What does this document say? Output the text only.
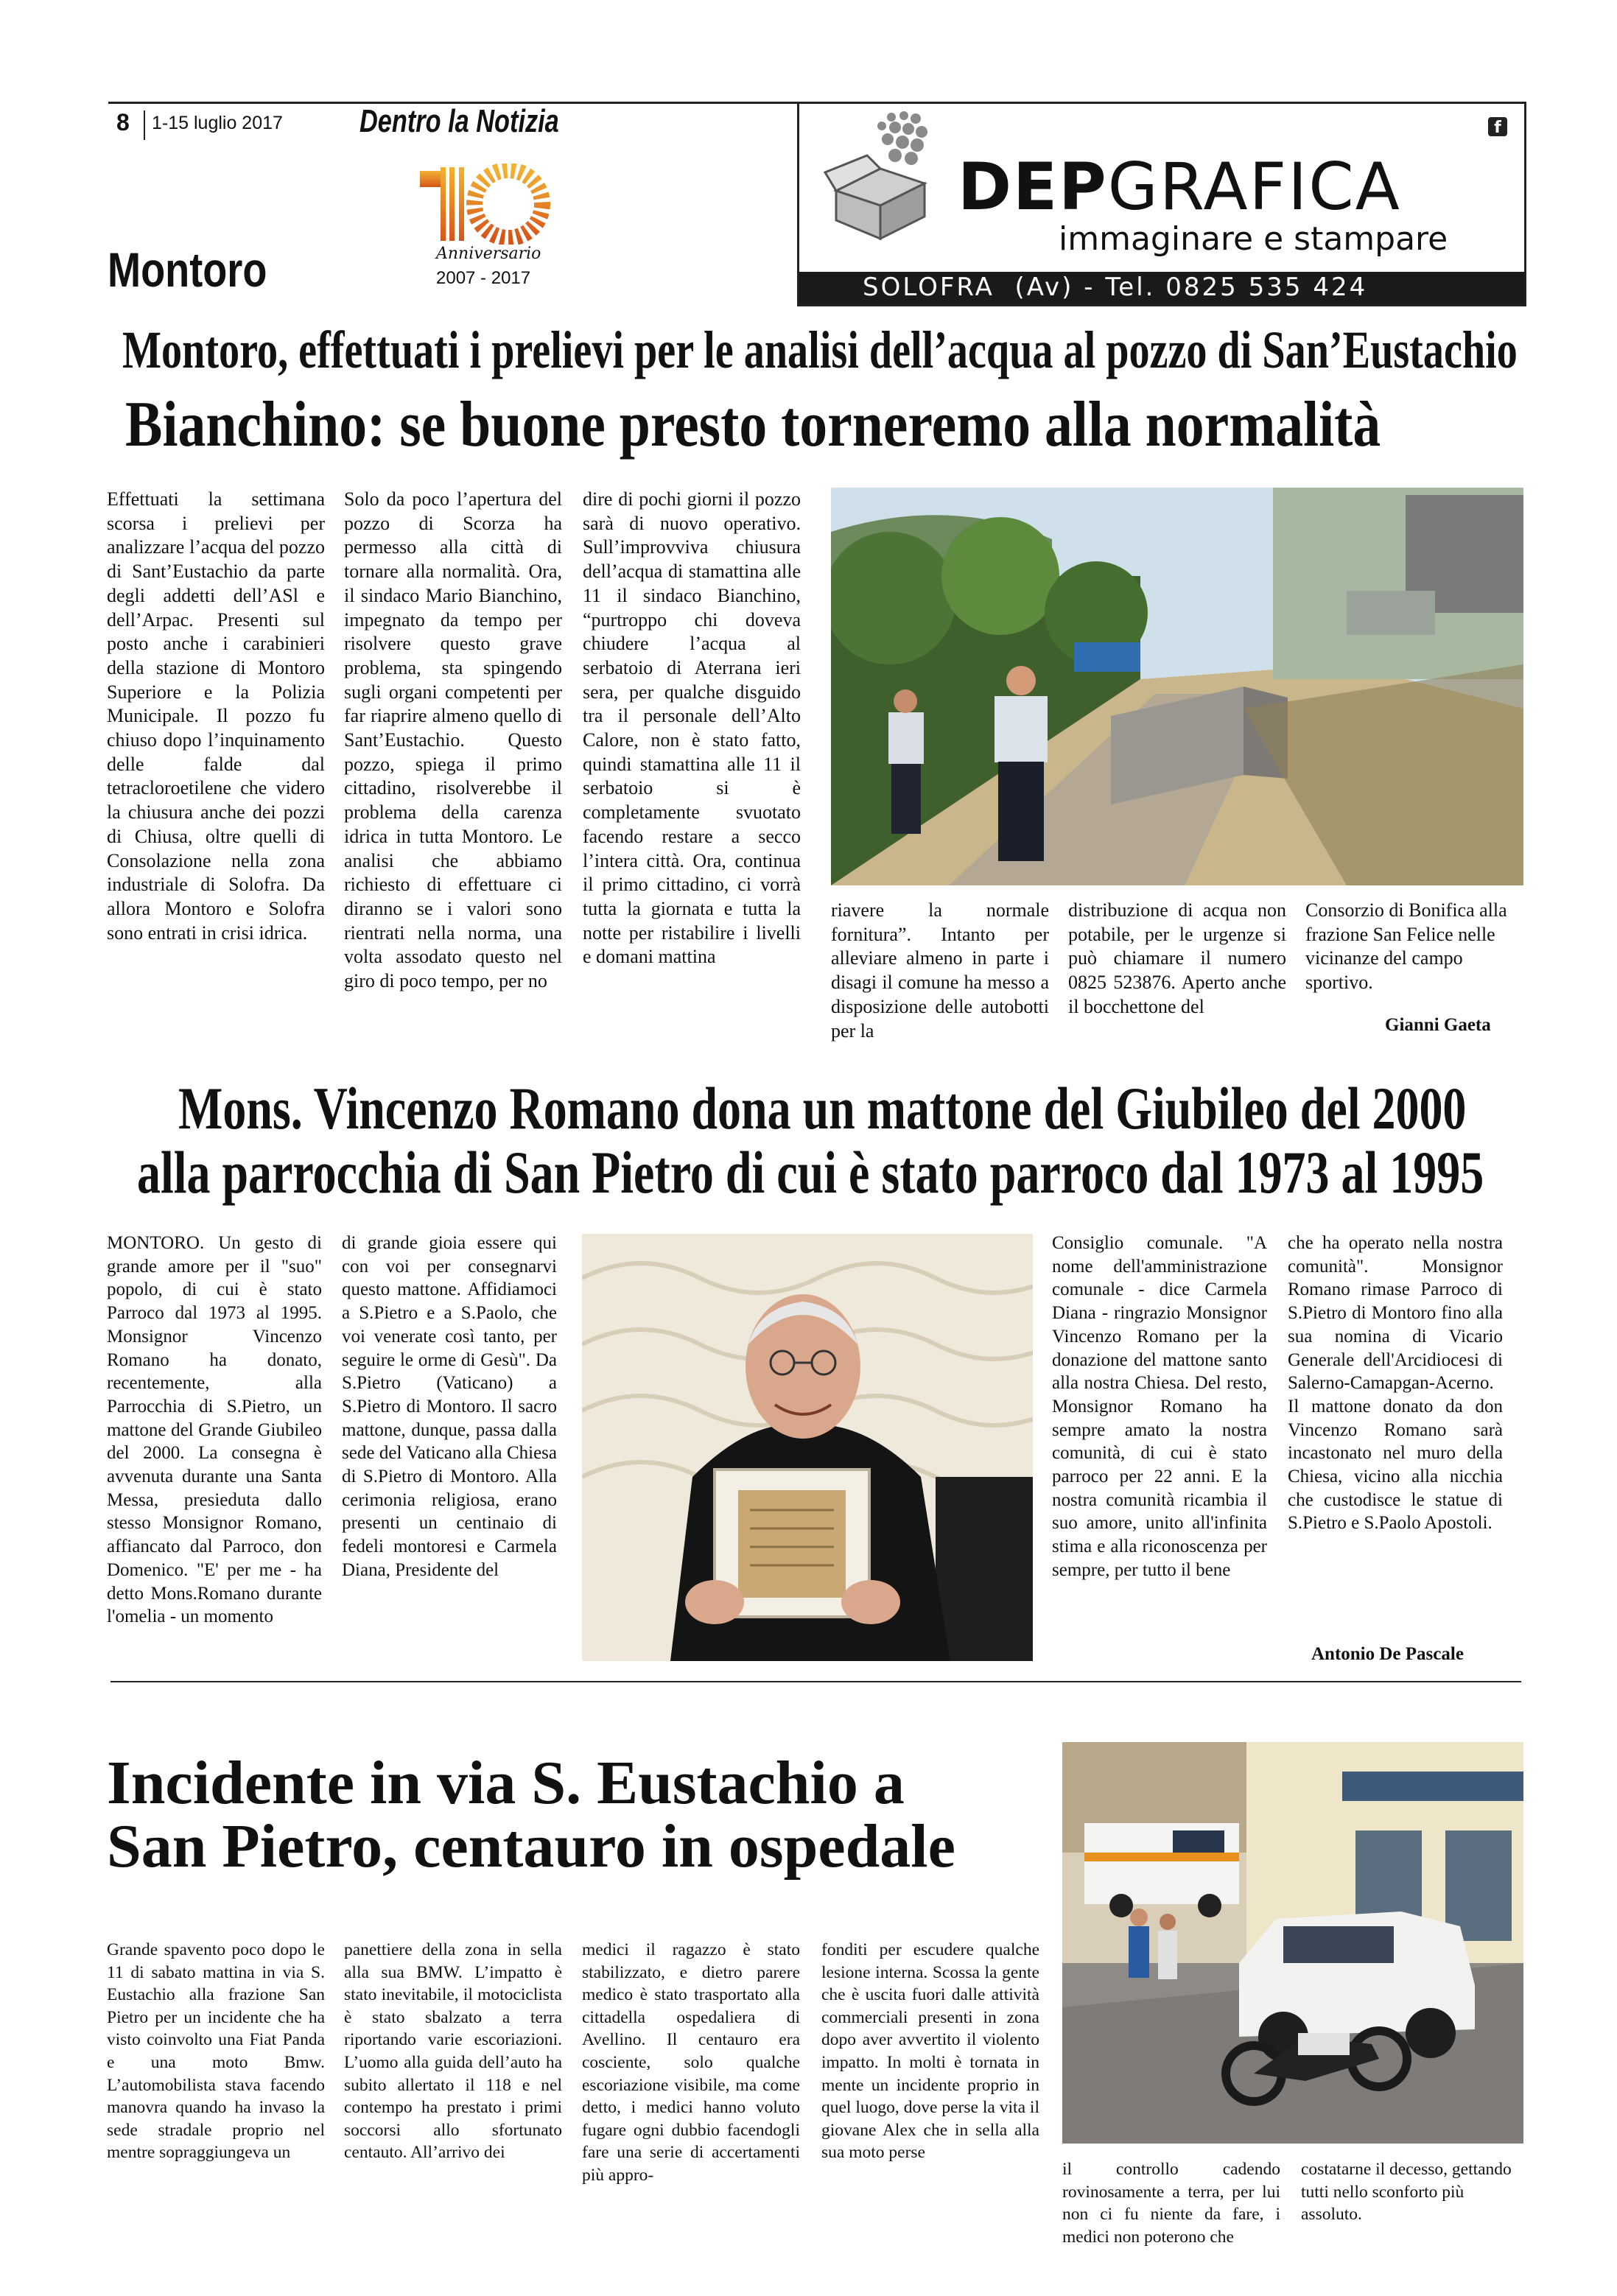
8 1-15 luglio 2017 Dentro la Notizia
Anniversario
2007 - 2017
Montoro
f
DEPGRAFICA
immaginare e stampare
SOLOFRA  (Av) - Tel. 0825 535 424
Montoro, effettuati i prelievi per le analisi dell’acqua al pozzo di San’Eustachio
Bianchino: se buone presto torneremo alla normalità
Effettuati la settimana scorsa i prelievi per analizzare l’acqua del pozzo di Sant’Eustachio da parte degli addetti dell’ASl e dell’Arpac. Presenti sul posto anche i carabinieri della stazione di Montoro Superiore e la Polizia Municipale. Il pozzo fu chiuso dopo l’inquinamento delle falde dal tetracloroetilene che videro la chiusura anche dei pozzi di Chiusa, oltre quelli di Consolazione nella zona industriale di Solofra. Da allora Montoro e Solofra sono entrati in crisi idrica.
Solo da poco l’apertura del pozzo di Scorza ha permesso alla città di tornare alla normalità. Ora, il sindaco Mario Bianchino, impegnato da tempo per risolvere questo grave problema, sta spingendo sugli organi competenti per far riaprire almeno quello di Sant’Eustachio. Questo pozzo, spiega il primo cittadino, risolverebbe il problema della carenza idrica in tutta Montoro. Le analisi che abbiamo richiesto di effettuare ci diranno se i valori sono rientrati nella norma, una volta assodato questo nel giro di poco tempo, per no
dire di pochi giorni il pozzo sarà di nuovo operativo. Sull’improvviva chiusura dell’acqua di stamattina alle 11 il sindaco Bianchino, “purtroppo chi doveva chiudere l’acqua al serbatoio di Aterrana ieri sera, per qualche disguido tra il personale dell’Alto Calore, non è stato fatto, quindi stamattina alle 11 il serbatoio si è completamente svuotato facendo restare a secco l’intera città. Ora, continua il primo cittadino, ci vorrà tutta la giornata e tutta la notte per ristabilire i livelli e domani mattina
riavere la normale fornitura”. Intanto per alleviare almeno in parte i disagi il comune ha messo a disposizione delle autobotti per la
distribuzione di acqua non potabile, per le urgenze si può chiamare il numero 0825 523876. Aperto anche il bocchettone del
Consorzio di Bonifica alla frazione San Felice nelle vicinanze del campo sportivo.
Gianni Gaeta
Mons. Vincenzo Romano dona un mattone del Giubileo del 2000
alla parrocchia di San Pietro di cui è stato parroco dal 1973 al 1995
MONTORO. Un gesto di grande amore per il "suo" popolo, di cui è stato Parroco dal 1973 al 1995. Monsignor Vincenzo Romano ha donato, recentemente, alla Parrocchia di S.Pietro, un mattone del Grande Giubileo del 2000. La consegna è avvenuta durante una Santa Messa, presieduta dallo stesso Monsignor Romano, affiancato dal Parroco, don Domenico. "E' per me - ha detto Mons.Romano durante l'omelia - un momento
di grande gioia essere qui con voi per consegnarvi questo mattone. Affidiamoci a S.Pietro e a S.Paolo, che voi venerate così tanto, per seguire le orme di Gesù". Da S.Pietro (Vaticano) a S.Pietro di Montoro. Il sacro mattone, dunque, passa dalla sede del Vaticano alla Chiesa di S.Pietro di Montoro. Alla cerimonia religiosa, erano presenti un centinaio di fedeli montoresi e Carmela Diana, Presidente del
Consiglio comunale. "A nome dell'amministrazione comunale - dice Carmela Diana - ringrazio Monsignor Vincenzo Romano per la donazione del mattone santo alla nostra Chiesa. Del resto, Monsignor Romano ha sempre amato la nostra comunità, di cui è stato parroco per 22 anni. E la nostra comunità ricambia il suo amore, unito all'infinita stima e alla riconoscenza per sempre, per tutto il bene
che ha operato nella nostra comunità". Monsignor Romano rimase Parroco di S.Pietro di Montoro fino alla sua nomina di Vicario Generale dell'Arcidiocesi di Salerno-Camapgan-Acerno. Il mattone donato da don Vincenzo Romano sarà incastonato nel muro della Chiesa, vicino alla nicchia che custodisce le statue di S.Pietro e S.Paolo Apostoli.
Antonio De Pascale
Incidente in via S. Eustachio a
San Pietro, centauro in ospedale
Grande spavento poco dopo le 11 di sabato mattina in via S. Eustachio alla frazione San Pietro per un incidente che ha visto coinvolto una Fiat Panda e una moto Bmw. L’automobilista stava facendo manovra quando ha invaso la sede stradale proprio nel mentre sopraggiungeva un
panettiere della zona in sella alla sua BMW. L’impatto è stato inevitabile, il motociclista è stato sbalzato a terra riportando varie escoriazioni. L’uomo alla guida dell’auto ha subito allertato il 118 e nel contempo ha prestato i primi soccorsi allo sfortunato centauto. All’arrivo dei
medici il ragazzo è stato stabilizzato, e dietro parere medico è stato trasportato alla cittadella ospedaliera di Avellino. Il centauro era cosciente, solo qualche escoriazione visibile, ma come detto, i medici hanno voluto fugare ogni dubbio facendogli fare una serie di accertamenti più appro-
fonditi per escudere qualche lesione interna. Scossa la gente che è uscita fuori dalle attività commerciali presenti in zona dopo aver avvertito il violento impatto. In molti è tornata in mente un incidente proprio in quel luogo, dove perse la vita il giovane Alex che in sella alla sua moto perse
il controllo cadendo rovinosamente a terra, per lui non ci fu niente da fare, i medici non poterono che
costatarne il decesso, gettando tutti nello sconforto più assoluto.
